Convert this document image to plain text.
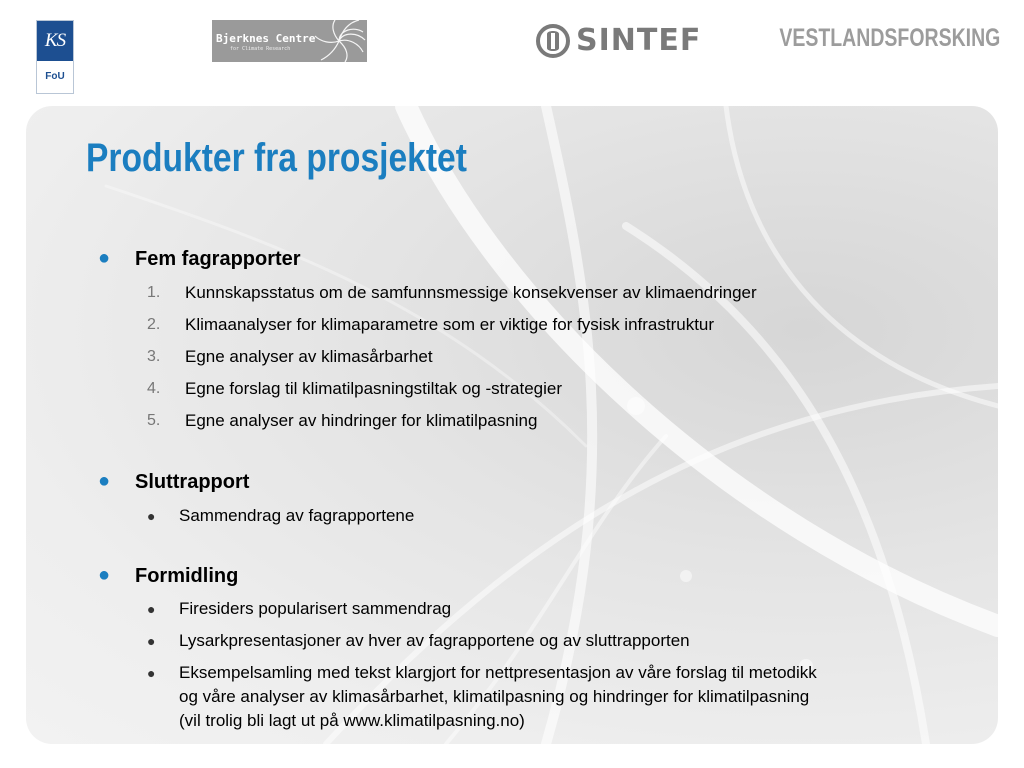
KS
FoU
Bjerknes Centre
for Climate Research	SINTEF	VESTLANDSFORSKING
Produkter fra prosjektet
● Fem fagrapporter
1. Kunnskapsstatus om de samfunnsmessige konsekvenser av klimaendringer
2. Klimaanalyser for klimaparametre som er viktige for fysisk infrastruktur
3. Egne analyser av klimasårbarhet
4. Egne forslag til klimatilpasningstiltak og -strategier
5. Egne analyser av hindringer for klimatilpasning
● Sluttrapport
● Sammendrag av fagrapportene
● Formidling
● Firesiders popularisert sammendrag
● Lysarkpresentasjoner av hver av fagrapportene og av sluttrapporten
● Eksempelsamling med tekst klargjort for nettpresentasjon av våre forslag til metodikk
og våre analyser av klimasårbarhet, klimatilpasning og hindringer for klimatilpasning
(vil trolig bli lagt ut på www.klimatilpasning.no)
